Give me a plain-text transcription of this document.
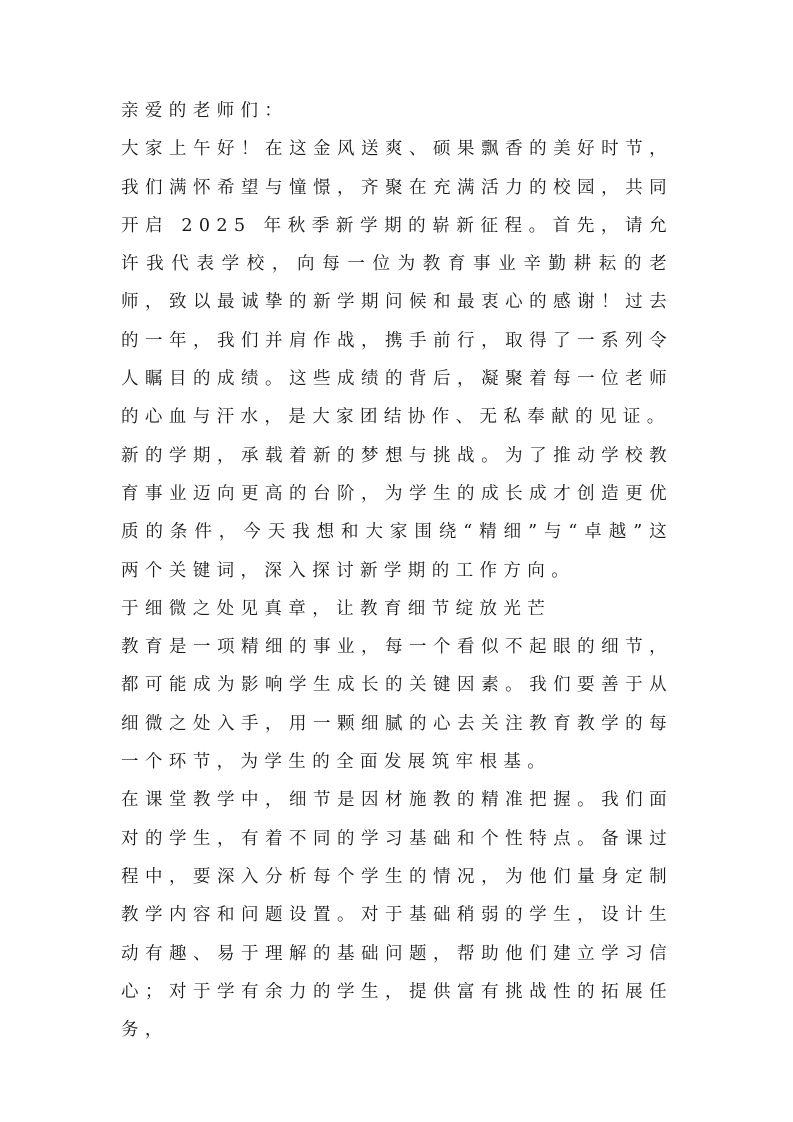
亲爱的老师们：

大家上午好！在这金风送爽、硕果飘香的美好时节，我们满怀希望与憧憬，齐聚在充满活力的校园，共同开启 2025 年秋季新学期的崭新征程。首先，请允许我代表学校，向每一位为教育事业辛勤耕耘的老师，致以最诚挚的新学期问候和最衷心的感谢！过去的一年，我们并肩作战，携手前行，取得了一系列令人瞩目的成绩。这些成绩的背后，凝聚着每一位老师的心血与汗水，是大家团结协作、无私奉献的见证。

新的学期，承载着新的梦想与挑战。为了推动学校教育事业迈向更高的台阶，为学生的成长成才创造更优质的条件，今天我想和大家围绕“精细”与“卓越”这两个关键词，深入探讨新学期的工作方向。

于细微之处见真章，让教育细节绽放光芒

教育是一项精细的事业，每一个看似不起眼的细节，都可能成为影响学生成长的关键因素。我们要善于从细微之处入手，用一颗细腻的心去关注教育教学的每一个环节，为学生的全面发展筑牢根基。

在课堂教学中，细节是因材施教的精准把握。我们面对的学生，有着不同的学习基础和个性特点。备课过程中，要深入分析每个学生的情况，为他们量身定制教学内容和问题设置。对于基础稍弱的学生，设计生动有趣、易于理解的基础问题，帮助他们建立学习信心；对于学有余力的学生，提供富有挑战性的拓展任务，
